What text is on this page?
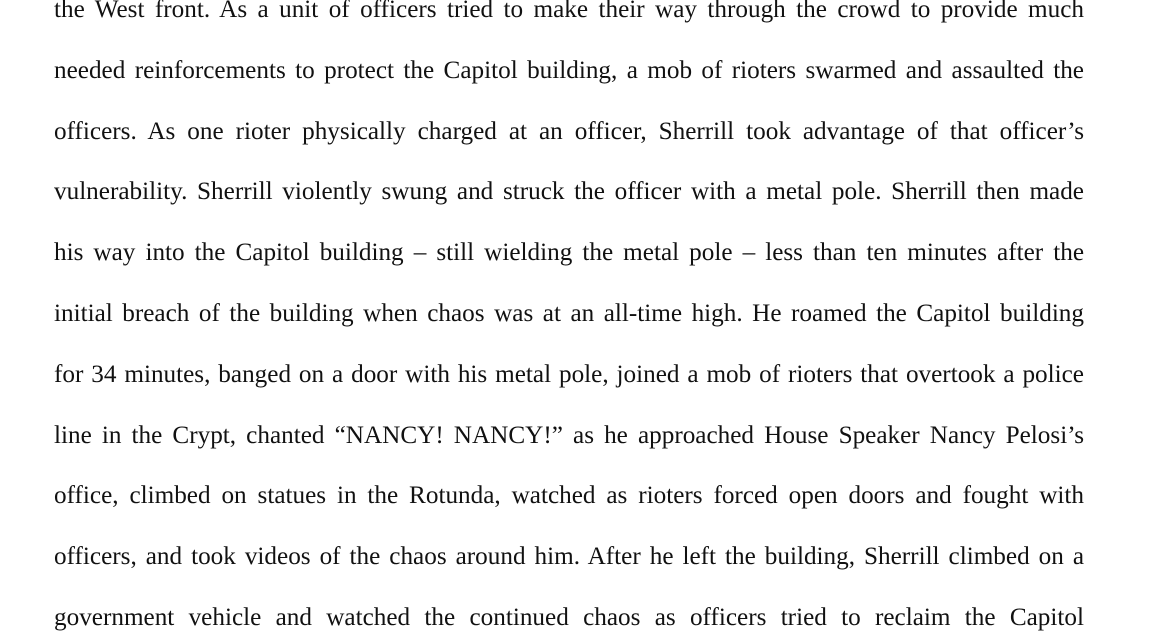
the West front. As a unit of officers tried to make their way through the crowd to provide much
needed reinforcements to protect the Capitol building, a mob of rioters swarmed and assaulted the
officers. As one rioter physically charged at an officer, Sherrill took advantage of that officer’s
vulnerability. Sherrill violently swung and struck the officer with a metal pole. Sherrill then made
his way into the Capitol building – still wielding the metal pole – less than ten minutes after the
initial breach of the building when chaos was at an all-time high. He roamed the Capitol building
for 34 minutes, banged on a door with his metal pole, joined a mob of rioters that overtook a police
line in the Crypt, chanted “NANCY! NANCY!” as he approached House Speaker Nancy Pelosi’s
office, climbed on statues in the Rotunda, watched as rioters forced open doors and fought with
officers, and took videos of the chaos around him. After he left the building, Sherrill climbed on a
government vehicle and watched the continued chaos as officers tried to reclaim the Capitol
